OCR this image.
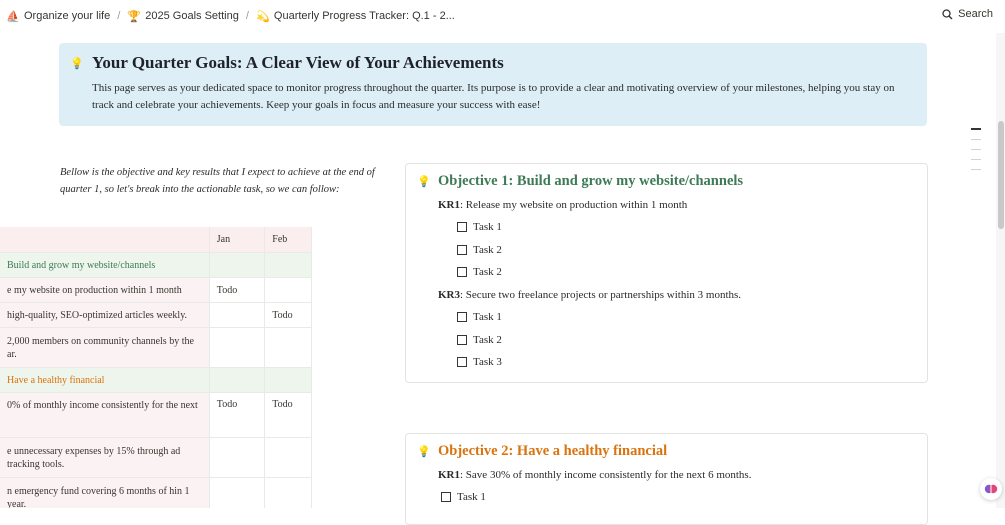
⛵ Organize your life / 🏆 2025 Goals Setting / 💫 Quarterly Progress Tracker: Q.1 - 2...	Search
💡 Your Quarter Goals: A Clear View of Your Achievements

This page serves as your dedicated space to monitor progress throughout the quarter. Its purpose is to provide a clear and motivating overview of your milestones, helping you stay on track and celebrate your achievements. Keep your goals in focus and measure your success with ease!

Bellow is the objective and key results that I expect to achieve at the end of quarter 1, so let's break into the actionable task, so we can follow:
	Jan	Feb

Build and grow my website/channels		

e my website on production within 1 month	Todo	

high-quality, SEO-optimized articles weekly.		Todo

2,000 members on community channels by the ar.		

Have a healthy financial		

0% of monthly income consistently for the next	Todo	Todo

e unnecessary expenses by 15% through ad tracking tools.		

n emergency fund covering 6 months of hin 1 year.		

💡 Objective 1: Build and grow my website/channels
KR1: Release my website on production within 1 month
Task 1
Task 2
Task 2
KR3: Secure two freelance projects or partnerships within 3 months.
Task 1
Task 2
Task 3
💡 Objective 2: Have a healthy financial
KR1: Save 30% of monthly income consistently for the next 6 months.
Task 1
